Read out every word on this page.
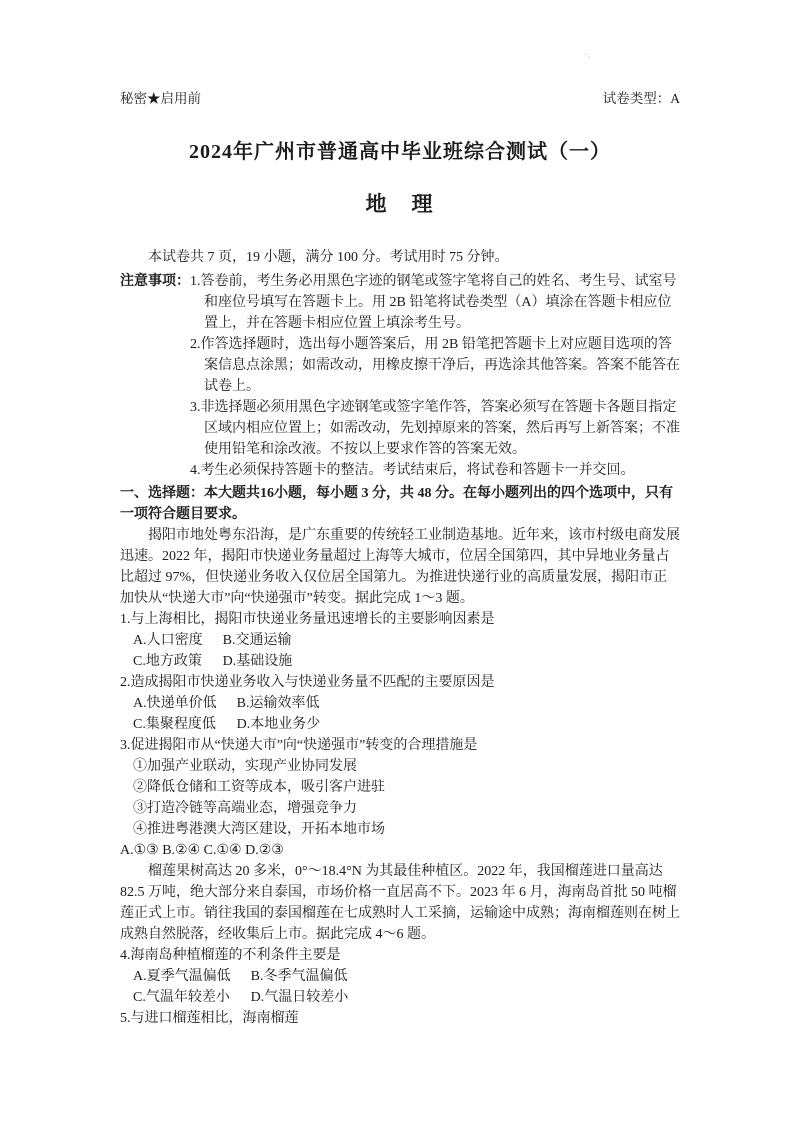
·.
秘密★启用前	试卷类型：A
2024年广州市普通高中毕业班综合测试（一）
地　理

本试卷共 7 页，19 小题，满分 100 分。考试用时 75 分钟。

注意事项： 1.答卷前，考生务必用黑色字迹的钢笔或签字笔将自己的姓名、考生号、试室号和座位号填写在答题卡上。用 2B 铅笔将试卷类型（A）填涂在答题卡相应位置上，并在答题卡相应位置上填涂考生号。
2.作答选择题时，选出每小题答案后，用 2B 铅笔把答题卡上对应题目选项的答案信息点涂黑；如需改动，用橡皮擦干净后，再选涂其他答案。答案不能答在试卷上。
3.非选择题必须用黑色字迹钢笔或签字笔作答，答案必须写在答题卡各题目指定区域内相应位置上；如需改动，先划掉原来的答案，然后再写上新答案；不准使用铅笔和涂改液。不按以上要求作答的答案无效。
4.考生必须保持答题卡的整洁。考试结束后，将试卷和答题卡一并交回。

一、选择题：本大题共16小题，每小题 3 分，共 48 分。在每小题列出的四个选项中，只有一项符合题目要求。

揭阳市地处粤东沿海，是广东重要的传统轻工业制造基地。近年来，该市村级电商发展迅速。2022 年，揭阳市快递业务量超过上海等大城市，位居全国第四，其中异地业务量占比超过 97%，但快递业务收入仅位居全国第九。为推进快递行业的高质量发展，揭阳市正加快从“快递大市”向“快递强市”转变。据此完成 1～3 题。

1.与上海相比，揭阳市快递业务量迅速增长的主要影响因素是

A.人口密度 B.交通运输
C.地方政策 D.基础设施

2.造成揭阳市快递业务收入与快递业务量不匹配的主要原因是

A.快递单价低 B.运输效率低
C.集聚程度低 D.本地业务少

3.促进揭阳市从“快递大市”向“快递强市”转变的合理措施是

①加强产业联动，实现产业协同发展
②降低仓储和工资等成本，吸引客户进驻
③打造冷链等高端业态，增强竞争力
④推进粤港澳大湾区建设，开拓本地市场

A.①③ B.②④ C.①④ D.②③

榴莲果树高达 20 多米，0°～18.4°N 为其最佳种植区。2022 年，我国榴莲进口量高达 82.5 万吨，绝大部分来自泰国，市场价格一直居高不下。2023 年 6 月，海南岛首批 50 吨榴莲正式上市。销往我国的泰国榴莲在七成熟时人工采摘，运输途中成熟；海南榴莲则在树上成熟自然脱落，经收集后上市。据此完成 4～6 题。

4.海南岛种植榴莲的不利条件主要是

A.夏季气温偏低 B.冬季气温偏低
C.气温年较差小 D.气温日较差小

5.与进口榴莲相比，海南榴莲
